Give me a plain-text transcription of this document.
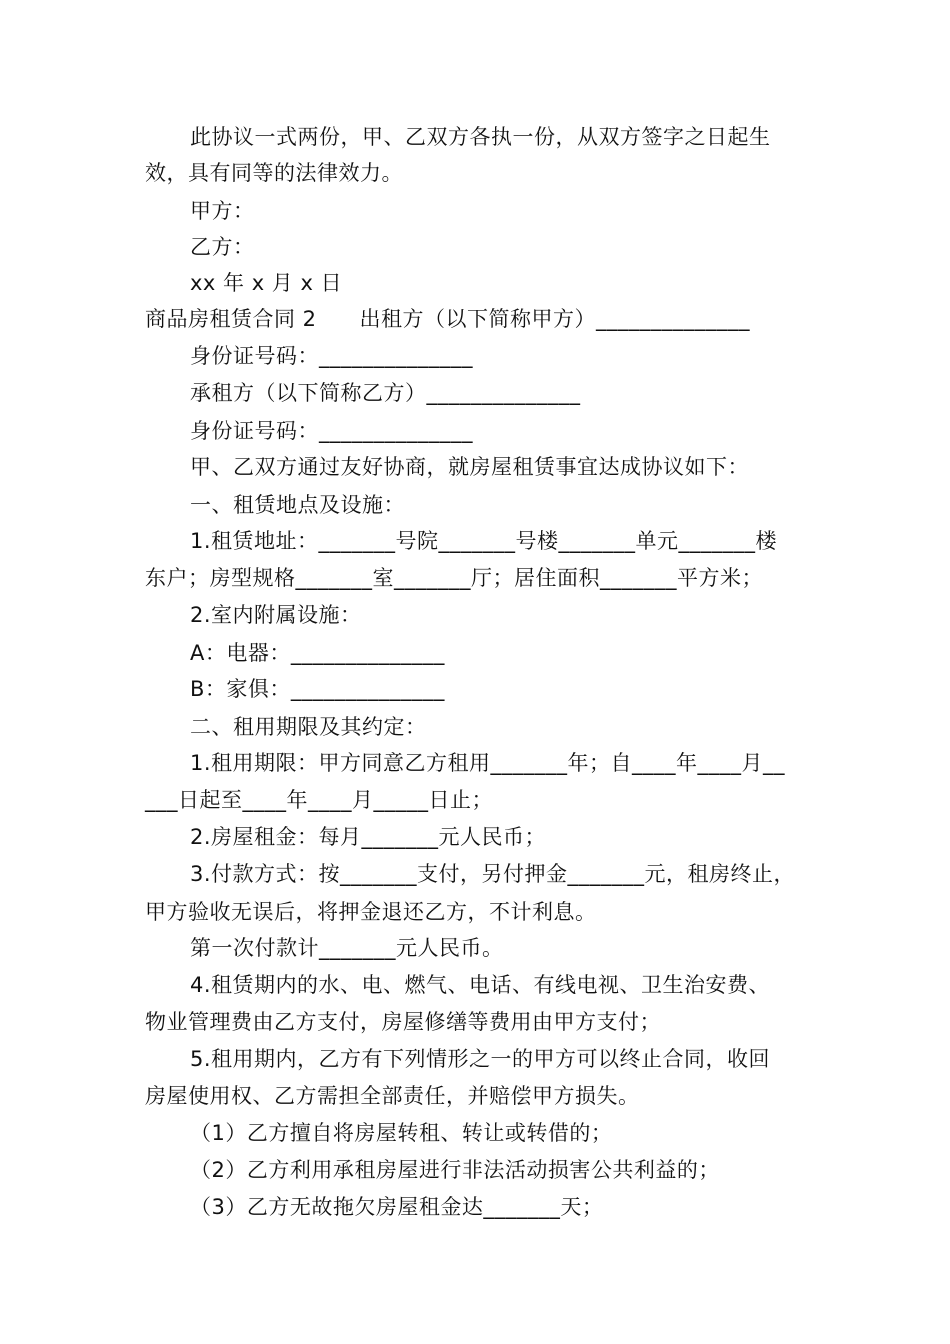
此协议一式两份，甲、乙双方各执一份，从双方签字之日起生
效，具有同等的法律效力。
甲方：
乙方：
xx 年 x 月 x 日
商品房租赁合同 2　　出租方（以下简称甲方）______________
身份证号码：______________
承租方（以下简称乙方）______________
身份证号码：______________
甲、乙双方通过友好协商，就房屋租赁事宜达成协议如下：
一、租赁地点及设施：
1.租赁地址：_______号院_______号楼_______单元_______楼
东户；房型规格_______室_______厅；居住面积_______平方米；
2.室内附属设施：
A：电器：______________
B：家俱：______________
二、租用期限及其约定：
1.租用期限：甲方同意乙方租用_______年；自____年____月__
___日起至____年____月_____日止；
2.房屋租金：每月_______元人民币；
3.付款方式：按_______支付，另付押金_______元，租房终止，
甲方验收无误后，将押金退还乙方，不计利息。
第一次付款计_______元人民币。
4.租赁期内的水、电、燃气、电话、有线电视、卫生治安费、
物业管理费由乙方支付，房屋修缮等费用由甲方支付；
5.租用期内，乙方有下列情形之一的甲方可以终止合同，收回
房屋使用权、乙方需担全部责任，并赔偿甲方损失。
（1）乙方擅自将房屋转租、转让或转借的；
（2）乙方利用承租房屋进行非法活动损害公共利益的；
（3）乙方无故拖欠房屋租金达_______天；
